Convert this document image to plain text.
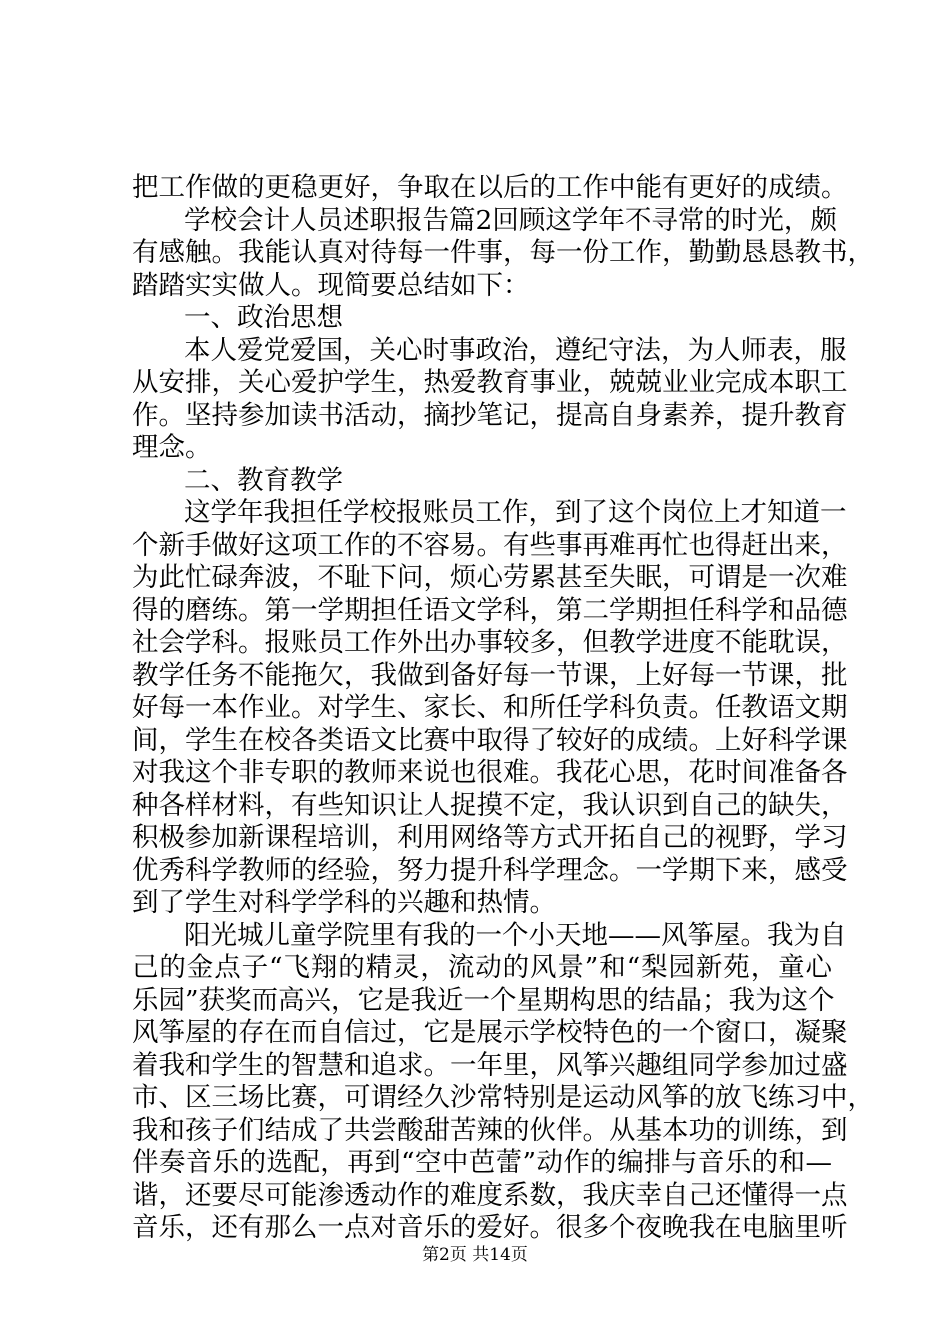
把工作做的更稳更好，争取在以后的工作中能有更好的成绩。
学校会计人员述职报告篇2回顾这学年不寻常的时光，颇
有感触。我能认真对待每一件事，每一份工作，勤勤恳恳教书，
踏踏实实做人。现简要总结如下：
一、政治思想
本人爱党爱国，关心时事政治，遵纪守法，为人师表，服
从安排，关心爱护学生，热爱教育事业，兢兢业业完成本职工
作。坚持参加读书活动，摘抄笔记，提高自身素养，提升教育
理念。
二、教育教学
这学年我担任学校报账员工作，到了这个岗位上才知道一
个新手做好这项工作的不容易。有些事再难再忙也得赶出来，
为此忙碌奔波，不耻下问，烦心劳累甚至失眠，可谓是一次难
得的磨练。第一学期担任语文学科，第二学期担任科学和品德
社会学科。报账员工作外出办事较多，但教学进度不能耽误，
教学任务不能拖欠，我做到备好每一节课，上好每一节课，批
好每一本作业。对学生、家长、和所任学科负责。任教语文期
间，学生在校各类语文比赛中取得了较好的成绩。上好科学课
对我这个非专职的教师来说也很难。我花心思，花时间准备各
种各样材料，有些知识让人捉摸不定，我认识到自己的缺失，
积极参加新课程培训，利用网络等方式开拓自己的视野，学习
优秀科学教师的经验，努力提升科学理念。一学期下来，感受
到了学生对科学学科的兴趣和热情。
阳光城儿童学院里有我的一个小天地——风筝屋。我为自
己的金点子“飞翔的精灵，流动的风景”和“梨园新苑，童心
乐园”获奖而高兴，它是我近一个星期构思的结晶；我为这个
风筝屋的存在而自信过，它是展示学校特色的一个窗口，凝聚
着我和学生的智慧和追求。一年里，风筝兴趣组同学参加过盛
市、区三场比赛，可谓经久沙常特别是运动风筝的放飞练习中，
我和孩子们结成了共尝酸甜苦辣的伙伴。从基本功的训练，到
伴奏音乐的选配，再到“空中芭蕾”动作的编排与音乐的和—
谐，还要尽可能渗透动作的难度系数，我庆幸自己还懂得一点
音乐，还有那么一点对音乐的爱好。很多个夜晚我在电脑里听
第2页 共14页
